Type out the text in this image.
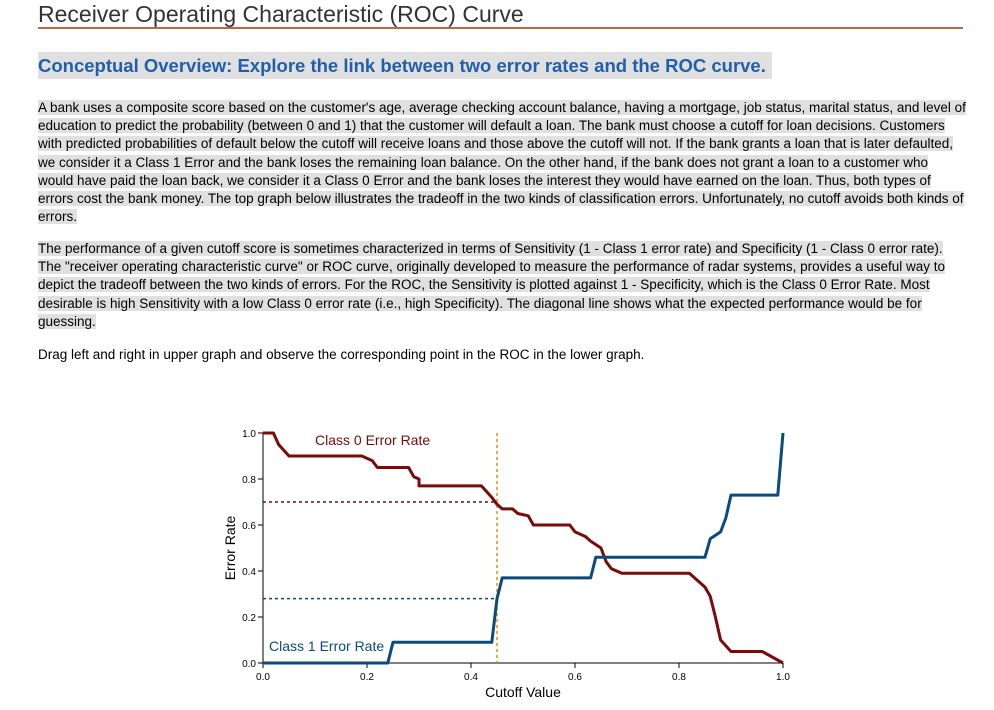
Receiver Operating Characteristic (ROC) Curve
Conceptual Overview: Explore the link between two error rates and the ROC curve.

A bank uses a composite score based on the customer's age, average checking account balance, having a mortgage, job status, marital status, and level of education to predict the probability (between 0 and 1) that the customer will default a loan. The bank must choose a cutoff for loan decisions. Customers with predicted probabilities of default below the cutoff will receive loans and those above the cutoff will not. If the bank grants a loan that is later defaulted, we consider it a Class 1 Error and the bank loses the remaining loan balance. On the other hand, if the bank does not grant a loan to a customer who would have paid the loan back, we consider it a Class 0 Error and the bank loses the interest they would have earned on the loan. Thus, both types of errors cost the bank money. The top graph below illustrates the tradeoff in the two kinds of classification errors. Unfortunately, no cutoff avoids both kinds of errors.

The performance of a given cutoff score is sometimes characterized in terms of Sensitivity (1 - Class 1 error rate) and Specificity (1 - Class 0 error rate). The "receiver operating characteristic curve" or ROC curve, originally developed to measure the performance of radar systems, provides a useful way to depict the tradeoff between the two kinds of errors. For the ROC, the Sensitivity is plotted against 1 - Specificity, which is the Class 0 Error Rate. Most desirable is high Sensitivity with a low Class 0 error rate (i.e., high Specificity). The diagonal line shows what the expected performance would be for guessing.

Drag left and right in upper graph and observe the corresponding point in the ROC in the lower graph.

0.0
0.2
0.4
0.6
0.8
1.0
0.0	0.2	0.4	0.6	0.8	1.0
Cutoff Value
Error Rate
Class 0 Error Rate
Class 1 Error Rate
